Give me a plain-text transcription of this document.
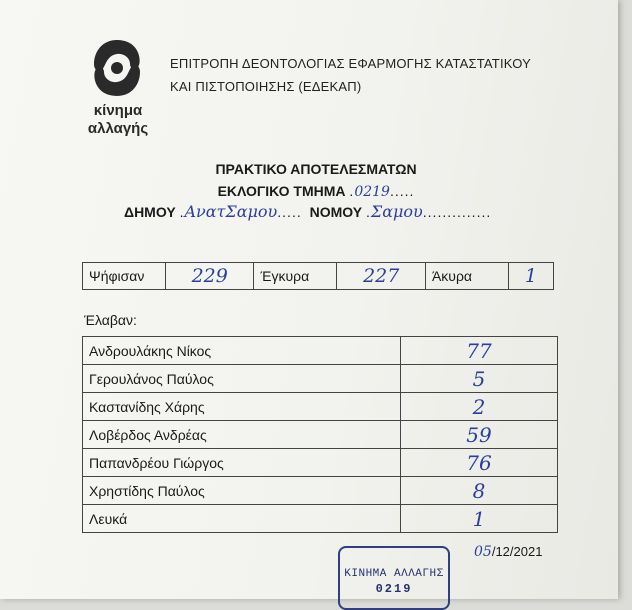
κίνημα
αλλαγής
ΕΠΙΤΡΟΠΗ ΔΕΟΝΤΟΛΟΓΙΑΣ ΕΦΑΡΜΟΓΗΣ ΚΑΤΑΣΤΑΤΙΚΟΥ
ΚΑΙ ΠΙΣΤΟΠΟΙΗΣΗΣ (ΕΔΕΚΑΠ)
ΠΡΑΚΤΙΚΟ ΑΠΟΤΕΛΕΣΜΑΤΩΝ
ΕΚΛΟΓΙΚΟ ΤΜΗΜΑ .0219.....
ΔΗΜΟΥ .ΑνατΣαμου..... ΝΟΜΟΥ .Σαμου..............
Ψήφισαν	229	Έγκυρα	227	Άκυρα	1
Έλαβαν:
Ανδρουλάκης Νίκος	77
Γερουλάνος Παύλος	5
Καστανίδης Χάρης	2
Λοβέρδος Ανδρέας	59
Παπανδρέου Γιώργος	76
Χρηστίδης Παύλος	8
Λευκά	1
05/12/2021
ΚΙΝΗΜΑ ΑΛΛΑΓΗΣ
0219
